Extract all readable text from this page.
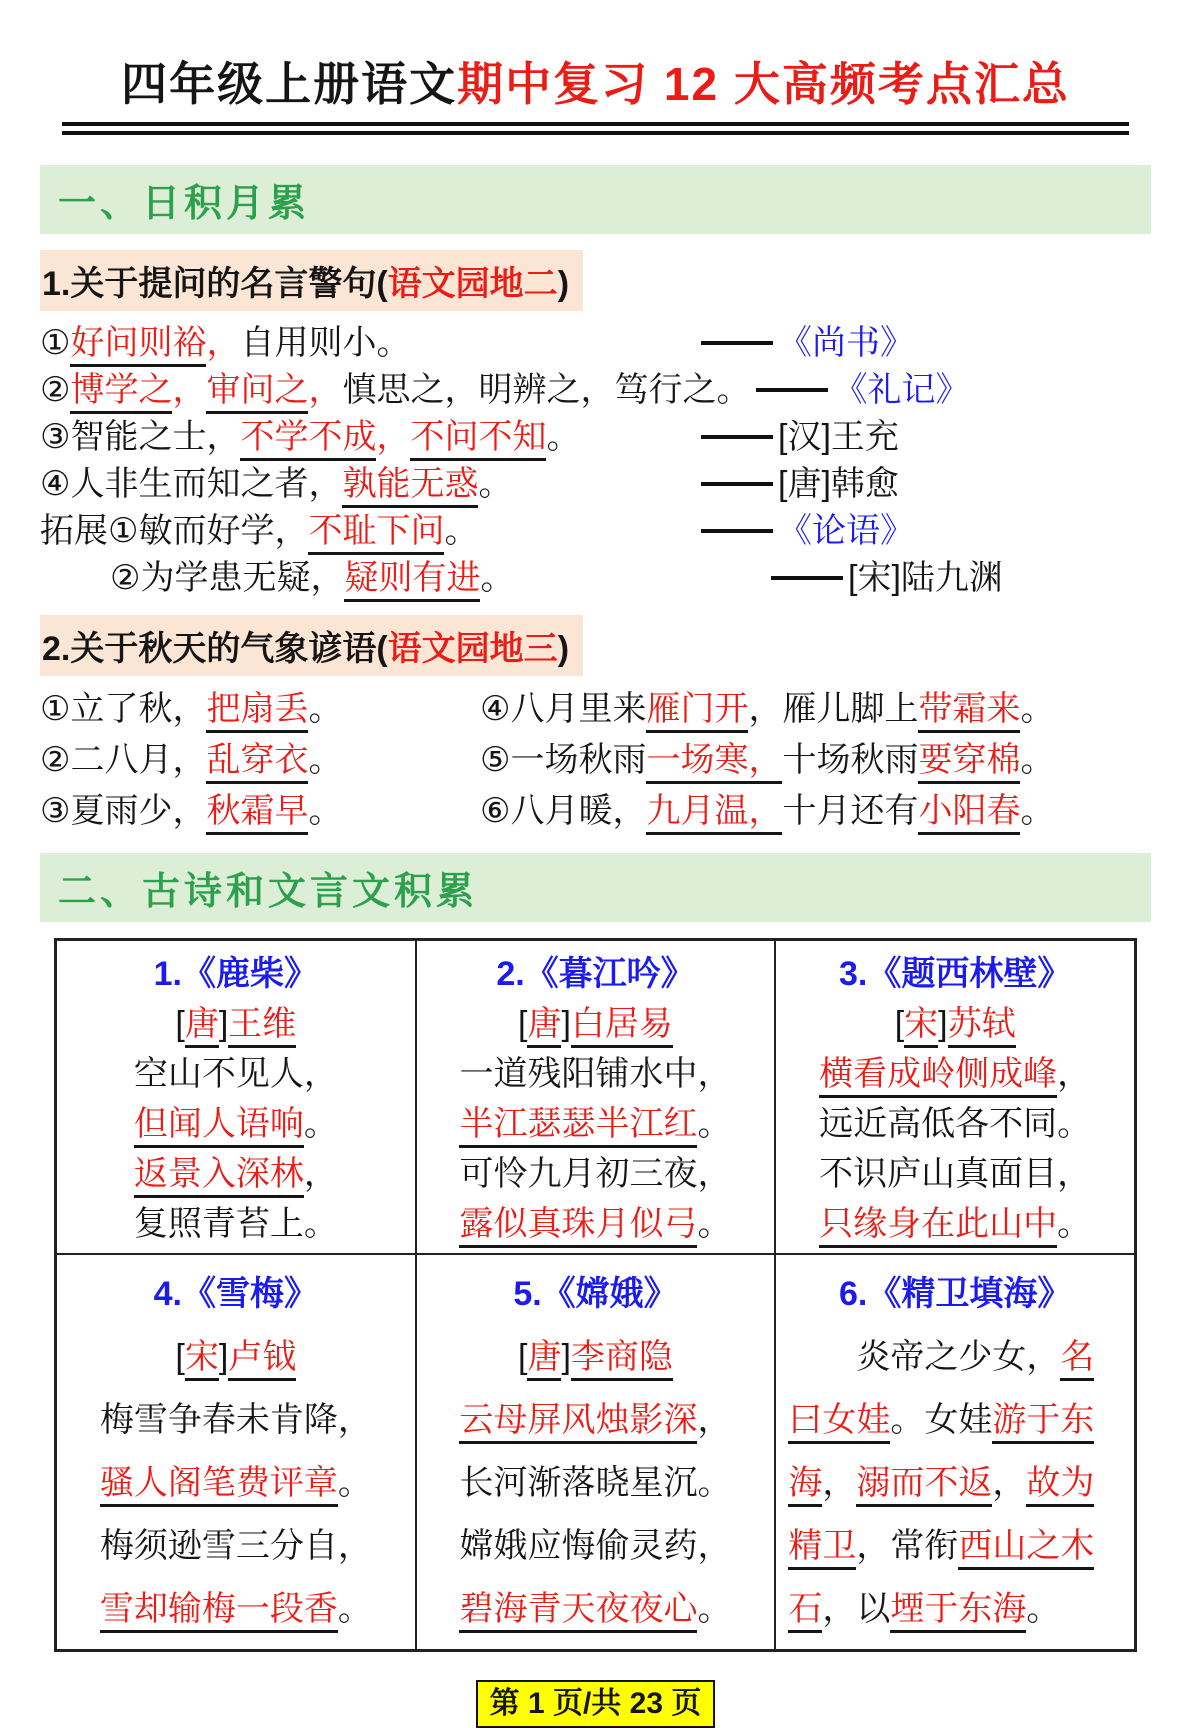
四年级上册语文期中复习 12 大高频考点汇总
一、日积月累
1.关于提问的名言警句(语文园地二)
①好问则裕，自用则小。	《尚书》
②博学之，审问之，慎思之，明辨之，笃行之。 《礼记》
③智能之士，不学不成，不问不知。	[汉]王充
④人非生而知之者，孰能无惑。	[唐]韩愈
拓展①敏而好学，不耻下问。	《论语》
②为学患无疑，疑则有进。	[宋]陆九渊
2.关于秋天的气象谚语(语文园地三)
①立了秋，把扇丢。
②二八月，乱穿衣。
③夏雨少，秋霜早。
④八月里来雁门开，雁儿脚上带霜来。
⑤一场秋雨一场寒，十场秋雨要穿棉。
⑥八月暖，九月温，十月还有小阳春。
二、古诗和文言文积累
1.《鹿柴》
[唐]王维
空山不见人，
但闻人语响。
返景入深林，
复照青苔上。
2.《暮江吟》
[唐]白居易
一道残阳铺水中，
半江瑟瑟半江红。
可怜九月初三夜，
露似真珠月似弓。
3.《题西林壁》
[宋]苏轼
横看成岭侧成峰，
远近高低各不同。
不识庐山真面目，
只缘身在此山中。
4.《雪梅》
[宋]卢钺
梅雪争春未肯降，
骚人阁笔费评章。
梅须逊雪三分自，
雪却输梅一段香。
5.《嫦娥》
[唐]李商隐
云母屏风烛影深，
长河渐落晓星沉。
嫦娥应悔偷灵药，
碧海青天夜夜心。
6.《精卫填海》
炎帝之少女，名曰女娃。女娃游于东海，溺而不返，故为精卫，常衔西山之木石，以堙于东海。
第 1 页/共 23 页
